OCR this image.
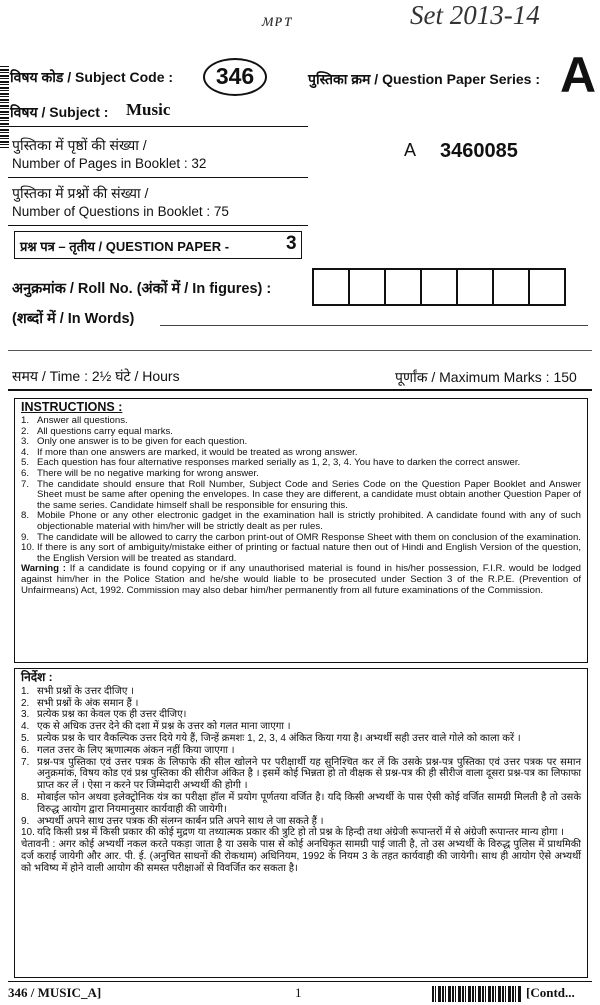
ᴍᴘᴛ	Set 2013-14
विषय कोड / Subject Code :	346	पुस्तिका क्रम / Question Paper Series : A
विषय / Subject : Music
पुस्तिका में पृष्ठों की संख्या /
Number of Pages in Booklet : 32
A 3460085
पुस्तिका में प्रश्नों की संख्या /
Number of Questions in Booklet : 75
प्रश्न पत्र – तृतीय / QUESTION PAPER -	3
अनुक्रमांक / Roll No. (अंकों में / In figures) :
(शब्दों में / In Words)
समय / Time : 2½ घंटे / Hours	पूर्णांक / Maximum Marks : 150
INSTRUCTIONS :
1. Answer all questions.
2. All questions carry equal marks.
3. Only one answer is to be given for each question.
4. If more than one answers are marked, it would be treated as wrong answer.
5. Each question has four alternative responses marked serially as 1, 2, 3, 4. You have to darken the correct answer.
6. There will be no negative marking for wrong answer.
7. The candidate should ensure that Roll Number, Subject Code and Series Code on the Question Paper Booklet and Answer Sheet must be same after opening the envelopes. In case they are different, a candidate must obtain another Question Paper of the same series. Candidate himself shall be responsible for ensuring this.
8. Mobile Phone or any other electronic gadget in the examination hall is strictly prohibited. A candidate found with any of such objectionable material with him/her will be strictly dealt as per rules.
9. The candidate will be allowed to carry the carbon print-out of OMR Response Sheet with them on conclusion of the examination.
10. If there is any sort of ambiguity/mistake either of printing or factual nature then out of Hindi and English Version of the question, the English Version will be treated as standard.
Warning : If a candidate is found copying or if any unauthorised material is found in his/her possession, F.I.R. would be lodged against him/her in the Police Station and he/she would liable to be prosecuted under Section 3 of the R.P.E. (Prevention of Unfairmeans) Act, 1992. Commission may also debar him/her permanently from all future examinations of the Commission.
निर्देश :
1. सभी प्रश्नों के उत्तर दीजिए ।
2. सभी प्रश्नों के अंक समान हैं ।
3. प्रत्येक प्रश्न का केवल एक ही उत्तर दीजिए।
4. एक से अधिक उत्तर देने की दशा में प्रश्न के उत्तर को गलत माना जाएगा ।
5. प्रत्येक प्रश्न के चार वैकल्पिक उत्तर दिये गये हैं, जिन्हें क्रमशः 1, 2, 3, 4 अंकित किया गया है। अभ्यर्थी सही उत्तर वाले गोले को काला करें ।
6. गलत उत्तर के लिए ऋणात्मक अंकन नहीं किया जाएगा ।
7. प्रश्न-पत्र पुस्तिका एवं उत्तर पत्रक के लिफाफे की सील खोलने पर परीक्षार्थी यह सुनिश्चित कर लें कि उसके प्रश्न-पत्र पुस्तिका एवं उत्तर पत्रक पर समान अनुक्रमांक, विषय कोड एवं प्रश्न पुस्तिका की सीरीज अंकित है । इसमें कोई भिन्नता हो तो वीक्षक से प्रश्न-पत्र की ही सीरीज वाला दूसरा प्रश्न-पत्र का लिफाफा प्राप्त कर लें । ऐसा न करने पर जिम्मेदारी अभ्यर्थी की होगी ।
8. मोबाईल फोन अथवा इलेक्ट्रोनिक यंत्र का परीक्षा हॉल में प्रयोग पूर्णतया वर्जित है। यदि किसी अभ्यर्थी के पास ऐसी कोई वर्जित सामग्री मिलती है तो उसके विरुद्ध आयोग द्वारा नियमानुसार कार्यवाही की जायेगी।
9. अभ्यर्थी अपने साथ उत्तर पत्रक की संलग्न कार्बन प्रति अपने साथ ले जा सकते हैं ।
10. यदि किसी प्रश्न में किसी प्रकार की कोई मुद्रण या तथ्यात्मक प्रकार की त्रुटि हो तो प्रश्न के हिन्दी तथा अंग्रेजी रूपान्तरों में से अंग्रेजी रूपान्तर मान्य होगा ।
चेतावनी : अगर कोई अभ्यर्थी नकल करते पकड़ा जाता है या उसके पास से कोई अनधिकृत सामग्री पाई जाती है, तो उस अभ्यर्थी के विरुद्ध पुलिस में प्राथमिकी दर्ज कराई जायेगी और आर. पी. ई. (अनुचित साधनों की रोकथाम) अधिनियम, 1992 के नियम 3 के तहत कार्यवाही की जायेगी। साथ ही आयोग ऐसे अभ्यर्थी को भविष्य में होने वाली आयोग की समस्त परीक्षाओं से विवर्जित कर सकता है।
346 / MUSIC_A]	1	[Contd...
